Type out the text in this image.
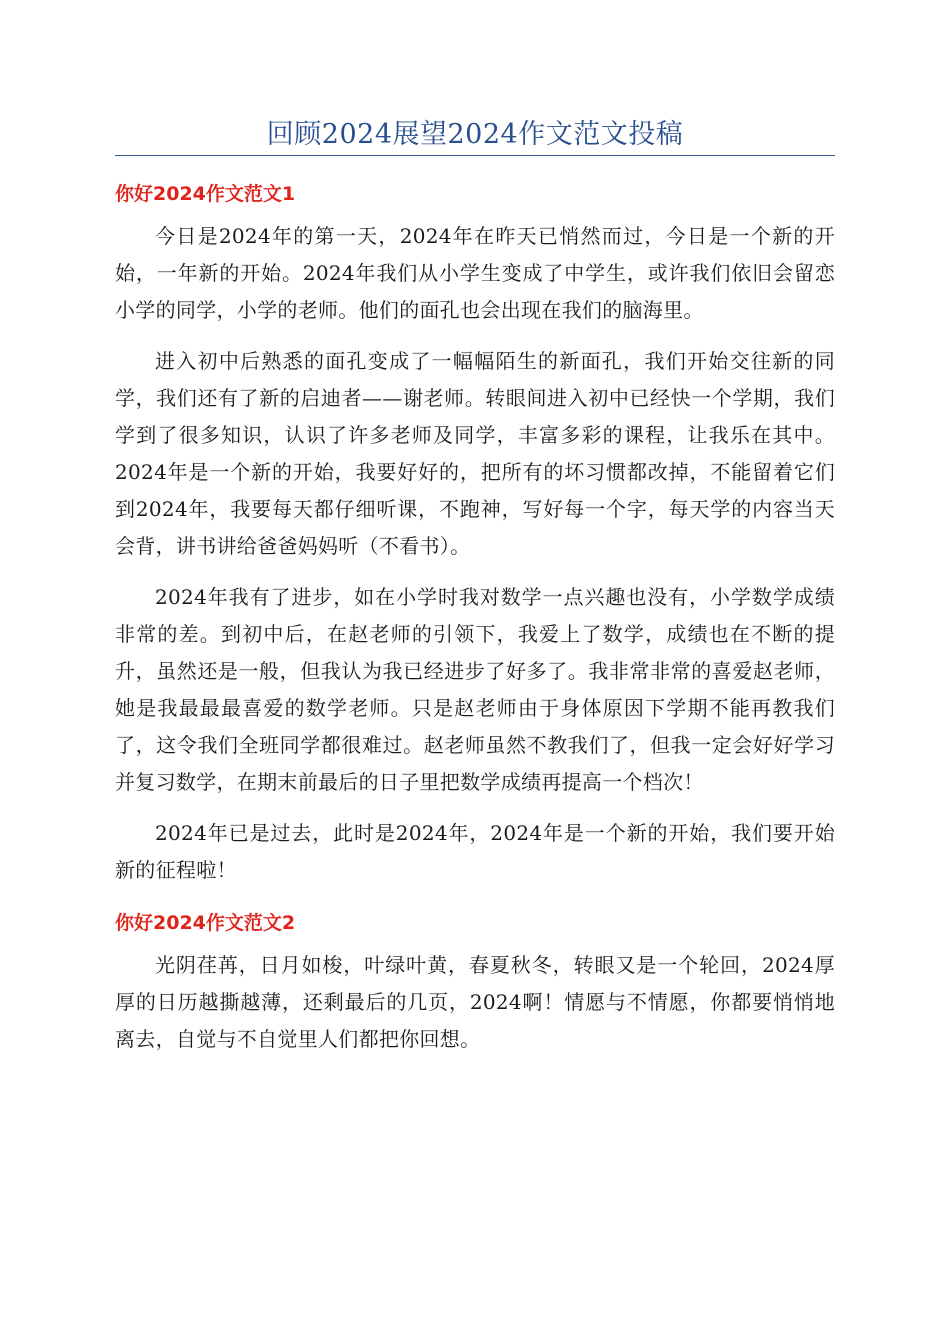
回顾2024展望2024作文范文投稿
你好2024作文范文1

今日是2024年的第一天，2024年在昨天已悄然而过，今日是一个新的开始，一年新的开始。2024年我们从小学生变成了中学生，或许我们依旧会留恋小学的同学，小学的老师。他们的面孔也会出现在我们的脑海里。

进入初中后熟悉的面孔变成了一幅幅陌生的新面孔，我们开始交往新的同学，我们还有了新的启迪者——谢老师。转眼间进入初中已经快一个学期，我们学到了很多知识，认识了许多老师及同学，丰富多彩的课程，让我乐在其中。2024年是一个新的开始，我要好好的，把所有的坏习惯都改掉，不能留着它们到2024年，我要每天都仔细听课，不跑神，写好每一个字，每天学的内容当天会背，讲书讲给爸爸妈妈听（不看书）。

2024年我有了进步，如在小学时我对数学一点兴趣也没有，小学数学成绩非常的差。到初中后，在赵老师的引领下，我爱上了数学，成绩也在不断的提升，虽然还是一般，但我认为我已经进步了好多了。我非常非常的喜爱赵老师，她是我最最最喜爱的数学老师。只是赵老师由于身体原因下学期不能再教我们了，这令我们全班同学都很难过。赵老师虽然不教我们了，但我一定会好好学习并复习数学，在期末前最后的日子里把数学成绩再提高一个档次！

2024年已是过去，此时是2024年，2024年是一个新的开始，我们要开始新的征程啦！

你好2024作文范文2

光阴荏苒，日月如梭，叶绿叶黄，春夏秋冬，转眼又是一个轮回，2024厚厚的日历越撕越薄，还剩最后的几页，2024啊！情愿与不情愿，你都要悄悄地离去，自觉与不自觉里人们都把你回想。
